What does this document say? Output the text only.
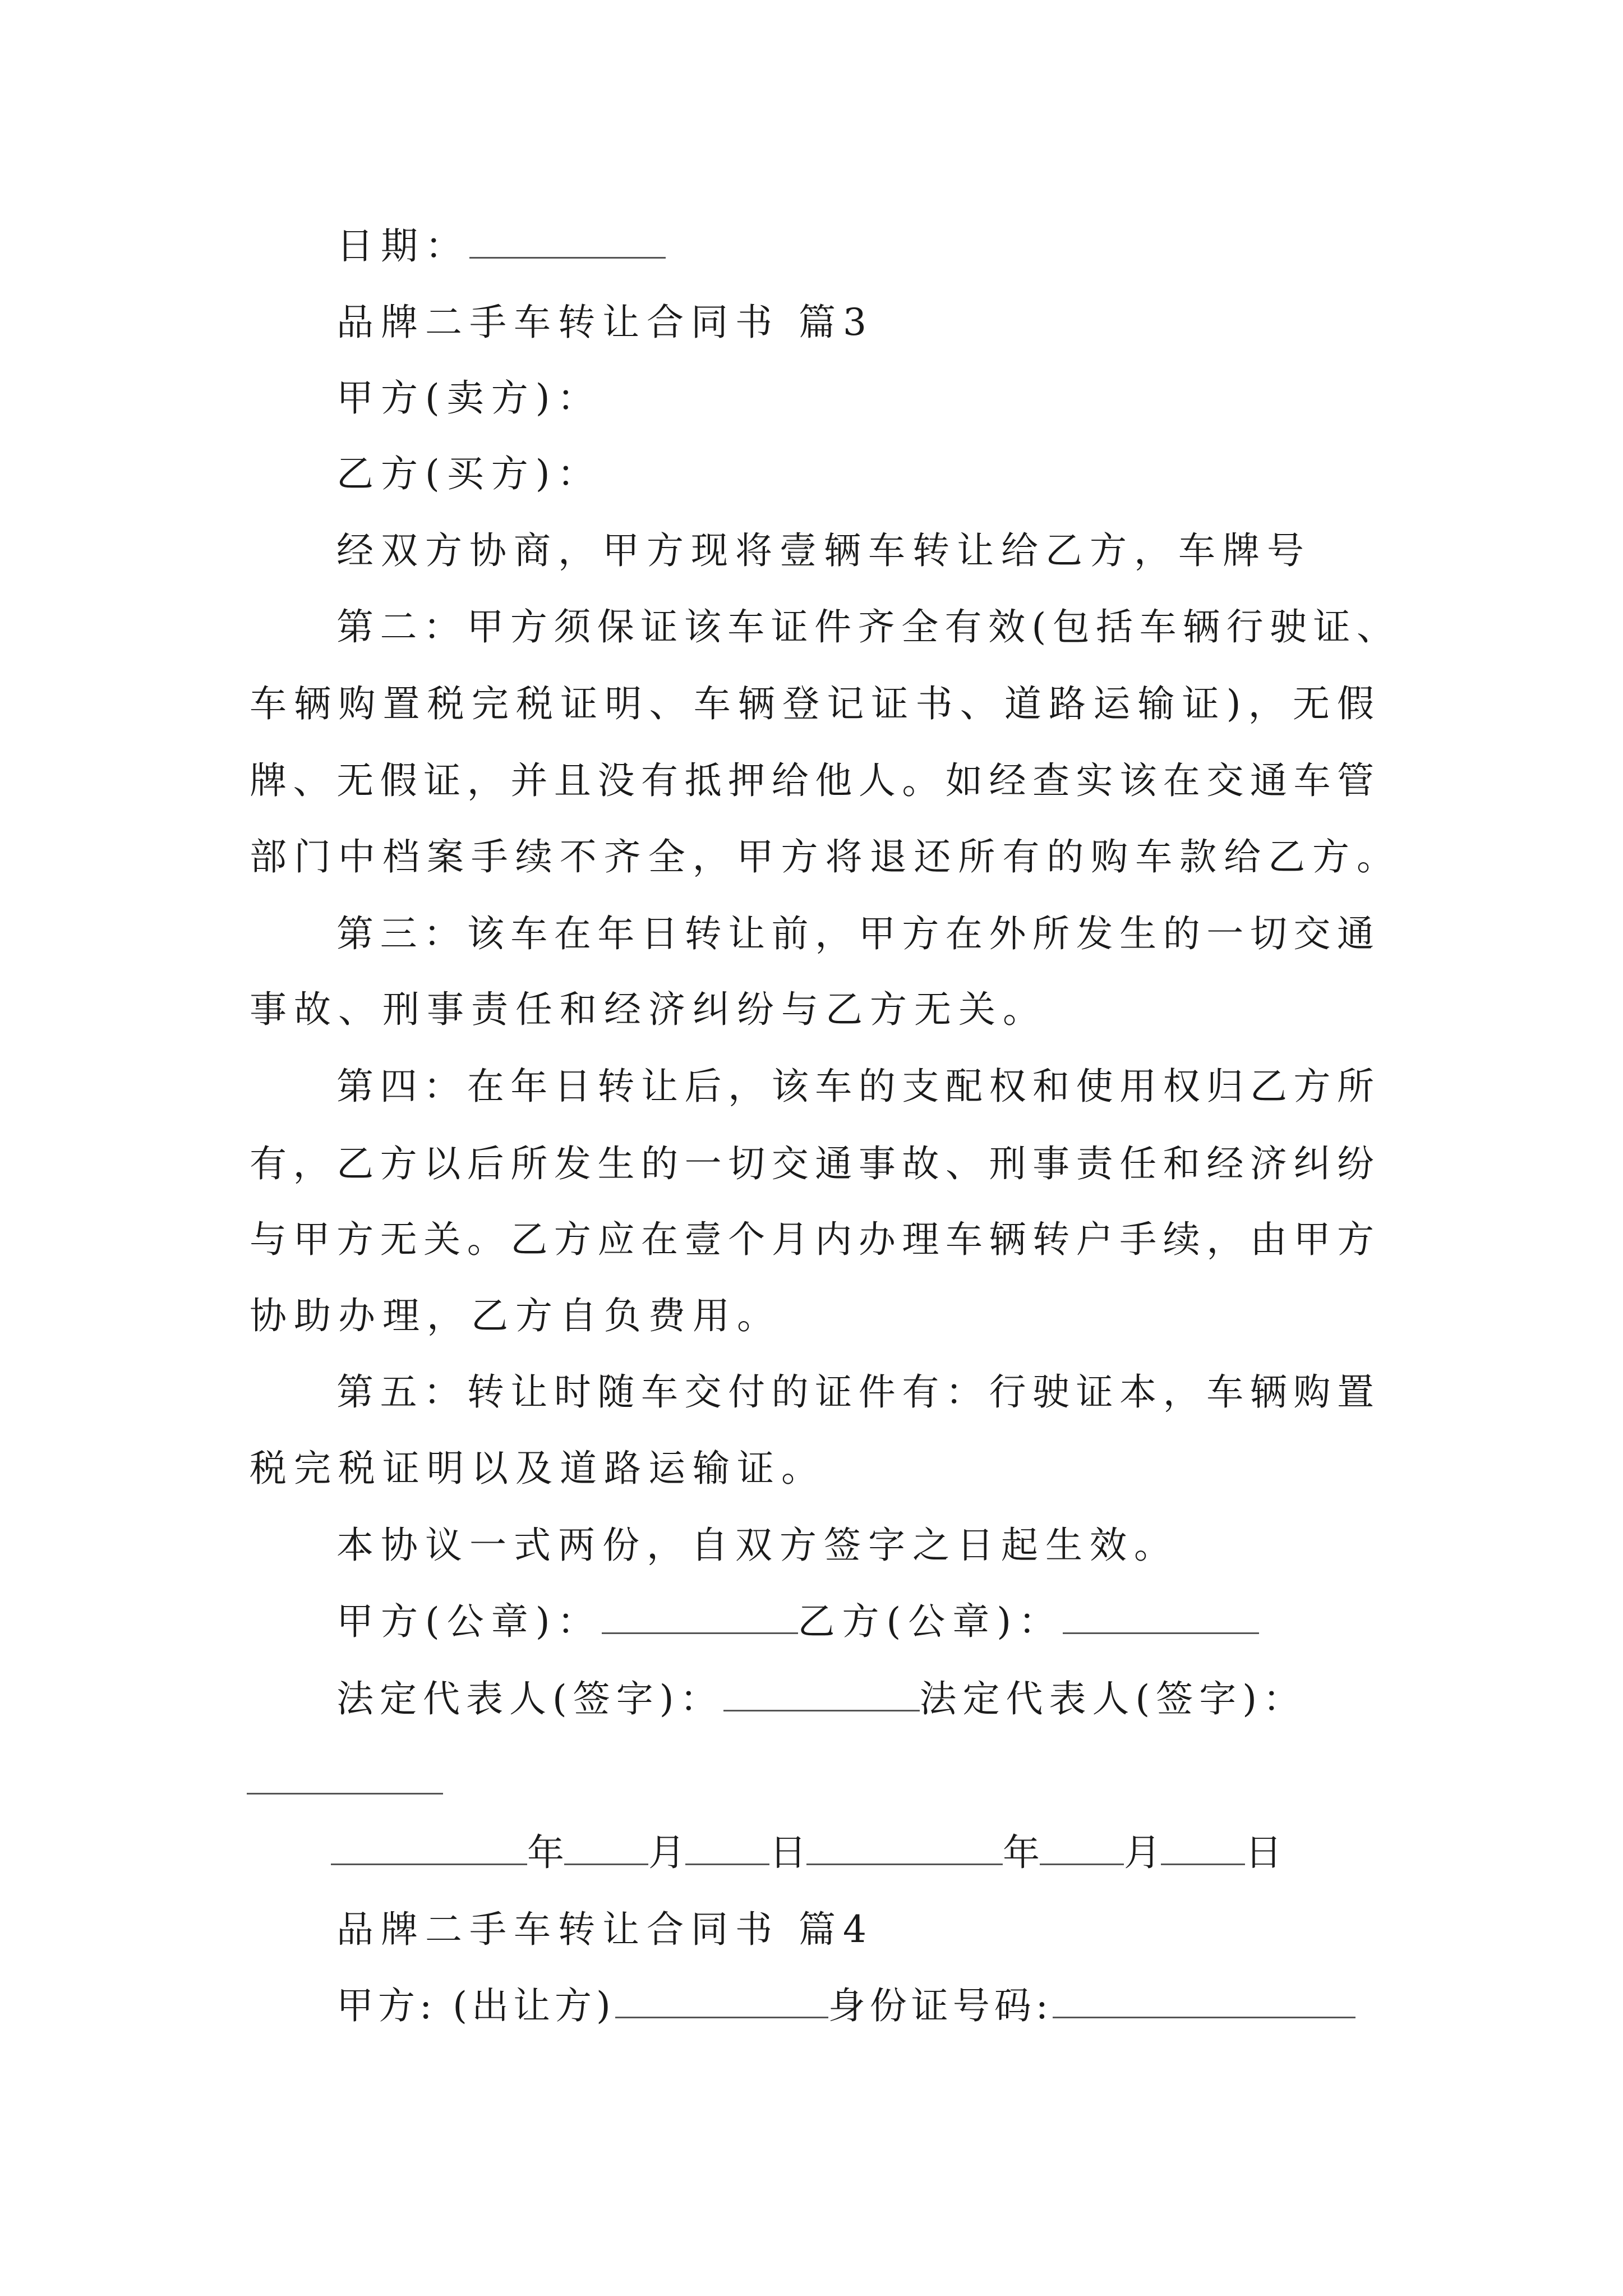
日期：
品牌二手车转让合同书 篇3
甲方(卖方)：
乙方(买方)：
经双方协商，甲方现将壹辆车转让给乙方，车牌号
第二：甲方须保证该车证件齐全有效(包括车辆行驶证、
车辆购置税完税证明、车辆登记证书、道路运输证)，无假
牌、无假证，并且没有抵押给他人。如经查实该在交通车管
部门中档案手续不齐全，甲方将退还所有的购车款给乙方。
第三：该车在年日转让前，甲方在外所发生的一切交通
事故、刑事责任和经济纠纷与乙方无关。
第四：在年日转让后，该车的支配权和使用权归乙方所
有，乙方以后所发生的一切交通事故、刑事责任和经济纠纷
与甲方无关。乙方应在壹个月内办理车辆转户手续，由甲方
协助办理，乙方自负费用。
第五：转让时随车交付的证件有：行驶证本，车辆购置
税完税证明以及道路运输证。
本协议一式两份，自双方签字之日起生效。
甲方(公章)：	乙方(公章)：
法定代表人(签字)：	法定代表人(签字)：
年 月 日	年 月 日
品牌二手车转让合同书 篇4
甲方: (出让方)	身份证号码:
